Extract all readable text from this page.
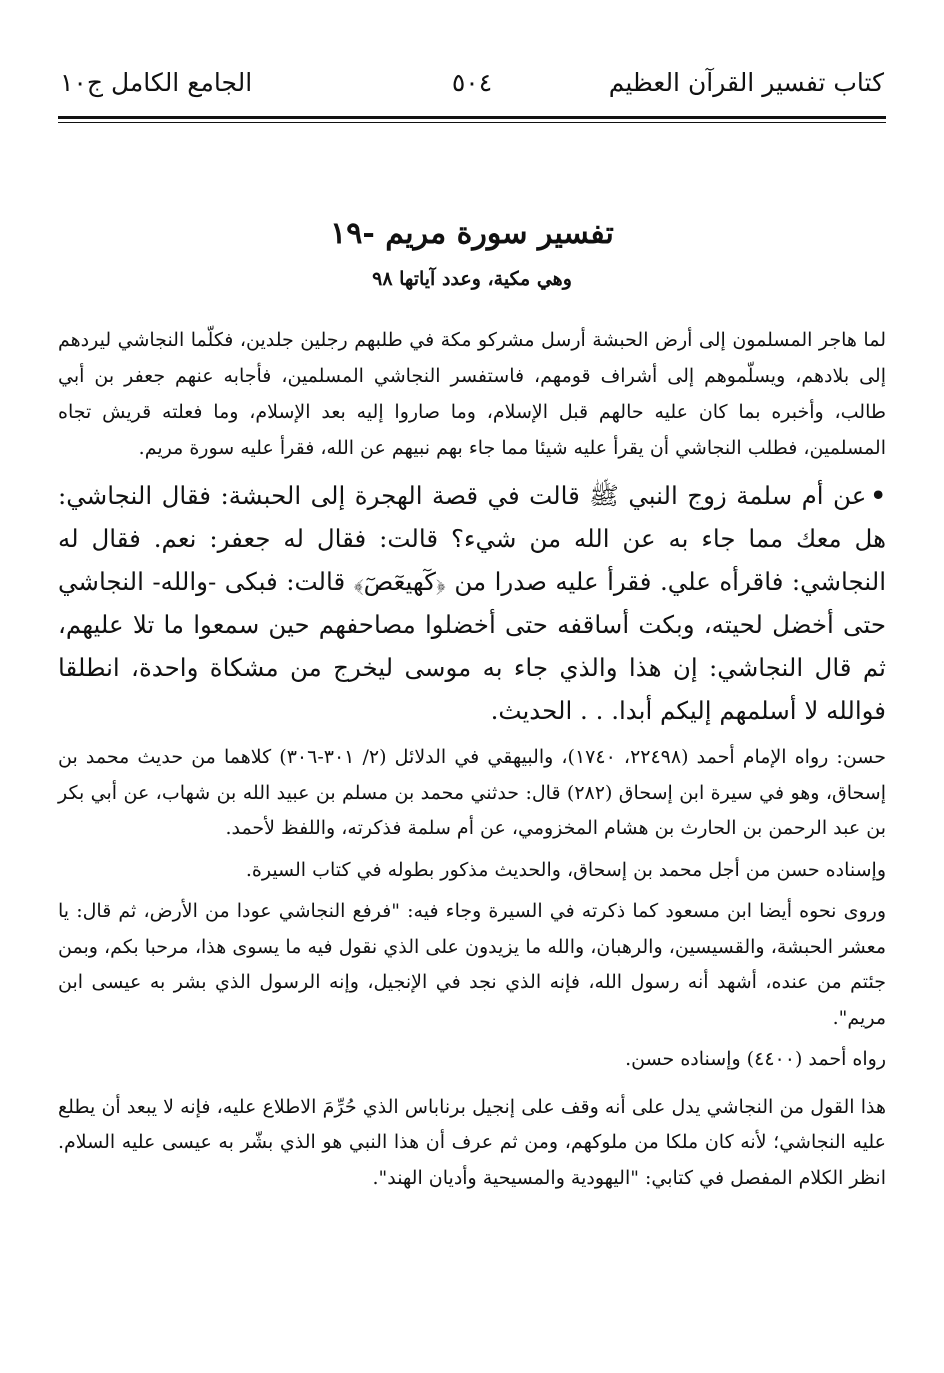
كتاب تفسير القرآن العظيم
٥٠٤
الجامع الكامل ج١٠
تفسير سورة مريم -١٩
وهي مكية، وعدد آياتها ٩٨

لما هاجر المسلمون إلى أرض الحبشة أرسل مشركو مكة في طلبهم رجلين جلدين، فكلّما النجاشي ليردهم إلى بلادهم، ويسلّموهم إلى أشراف قومهم، فاستفسر النجاشي المسلمين، فأجابه عنهم جعفر بن أبي طالب، وأخبره بما كان عليه حالهم قبل الإسلام، وما صاروا إليه بعد الإسلام، وما فعلته قريش تجاه المسلمين، فطلب النجاشي أن يقرأ عليه شيئا مما جاء بهم نبيهم عن الله، فقرأ عليه سورة مريم.

•عن أم سلمة زوج النبي ﷺ قالت في قصة الهجرة إلى الحبشة: فقال النجاشي: هل معك مما جاء به عن الله من شيء؟ قالت: فقال له جعفر: نعم. فقال له النجاشي: فاقرأه علي. فقرأ عليه صدرا من ﴿كٓهيعٓصٓ﴾ قالت: فبكى -والله- النجاشي حتى أخضل لحيته، وبكت أساقفه حتى أخضلوا مصاحفهم حين سمعوا ما تلا عليهم، ثم قال النجاشي: إن هذا والذي جاء به موسى ليخرج من مشكاة واحدة، انطلقا فوالله لا أسلمهم إليكم أبدا. . . الحديث.

حسن: رواه الإمام أحمد (٢٢٤٩٨، ١٧٤٠)، والبيهقي في الدلائل (٢/ ٣٠١-٣٠٦) كلاهما من حديث محمد بن إسحاق، وهو في سيرة ابن إسحاق (٢٨٢) قال: حدثني محمد بن مسلم بن عبيد الله بن شهاب، عن أبي بكر بن عبد الرحمن بن الحارث بن هشام المخزومي، عن أم سلمة فذكرته، واللفظ لأحمد.

وإسناده حسن من أجل محمد بن إسحاق، والحديث مذكور بطوله في كتاب السيرة.

وروى نحوه أيضا ابن مسعود كما ذكرته في السيرة وجاء فيه: "فرفع النجاشي عودا من الأرض، ثم قال: يا معشر الحبشة، والقسيسين، والرهبان، والله ما يزيدون على الذي نقول فيه ما يسوى هذا، مرحبا بكم، وبمن جئتم من عنده، أشهد أنه رسول الله، فإنه الذي نجد في الإنجيل، وإنه الرسول الذي بشر به عيسى ابن مريم".

رواه أحمد (٤٤٠٠) وإسناده حسن.

هذا القول من النجاشي يدل على أنه وقف على إنجيل برناباس الذي حُرِّمَ الاطلاع عليه، فإنه لا يبعد أن يطلع عليه النجاشي؛ لأنه كان ملكا من ملوكهم، ومن ثم عرف أن هذا النبي هو الذي بشّر به عيسى عليه السلام. انظر الكلام المفصل في كتابي: "اليهودية والمسيحية وأديان الهند".
